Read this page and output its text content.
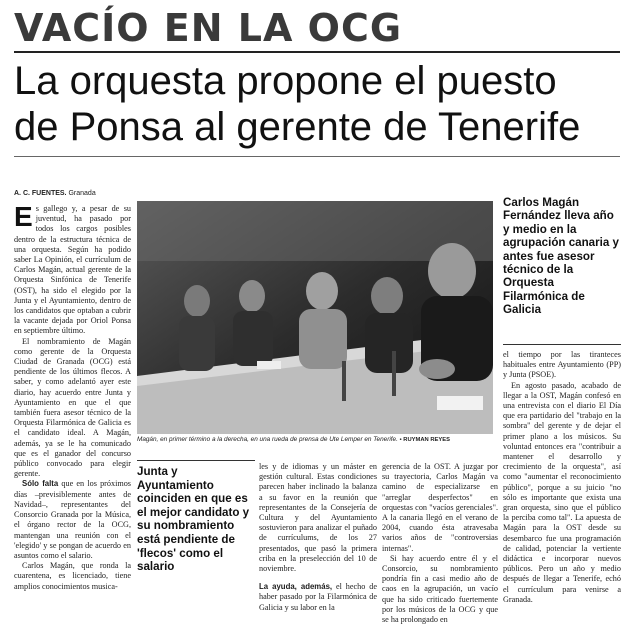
VACÍO EN LA OCG
La orquesta propone el puesto
de Ponsa al gerente de Tenerife
A. C. FUENTES. Granada

Es gallego y, a pesar de su juventud, ha pasado por todos los cargos posibles dentro de la estructura técnica de una orquesta. Según ha podido saber La Opinión, el currículum de Carlos Magán, actual gerente de la Orquesta Sinfónica de Tenerife (OST), ha sido el elegido por la Junta y el Ayuntamiento, dentro de los candidatos que optaban a cubrir la vacante dejada por Oriol Ponsa en septiembre último.

El nombramiento de Magán como gerente de la Orquesta Ciudad de Granada (OCG) está pendiente de los últimos flecos. A saber, y como adelantó ayer este diario, hay acuerdo entre Junta y Ayuntamiento en que el que también fuera asesor técnico de la Orquesta Filarmónica de Galicia es el candidato ideal. A Magán, además, ya se le ha comunicado que es el ganador del concurso público convocado para elegir gerente.

Sólo falta que en los próximos días –previsiblemente antes de Navidad–, representantes del Consorcio Granada por la Música, el órgano rector de la OCG, mantengan una reunión con el 'elegido' y se pongan de acuerdo en asuntos como el salario.

Carlos Magán, que ronda la cuarentena, es licenciado, tiene amplios conocimientos musica-

Magán, en primer término a la derecha, en una rueda de prensa de Ute Lemper en Tenerife. • RUYMAN REYES
Carlos Magán Fernández lleva año y medio en la agrupación canaria y antes fue asesor técnico de la Orquesta Filarmónica de Galicia

el tiempo por las tiranteces habituales entre Ayuntamiento (PP) y Junta (PSOE).

En agosto pasado, acabado de llegar a la OST, Magán confesó en una entrevista con el diario El Día que era partidario del "trabajo en la sombra" del gerente y de dejar el primer plano a los músicos. Su voluntad entonces era "contribuir a mantener el desarrollo y crecimiento de la orquesta", así como "aumentar el reconocimiento público", porque a su juicio "no sólo es importante que exista una gran orquesta, sino que el público la perciba como tal". La apuesta de Magán para la OST desde su desembarco fue una programación de calidad, potenciar la vertiente didáctica e incorporar nuevos públicos. Pero un año y medio después de llegar a Tenerife, echó el currículum para venirse a Granada.

Junta y Ayuntamiento coinciden en que es el mejor candidato y su nombramiento está pendiente de 'flecos' como el salario

les y de idiomas y un máster en gestión cultural. Estas condiciones parecen haber inclinado la balanza a su favor en la reunión que representantes de la Consejería de Cultura y del Ayuntamiento sostuvieron para analizar el puñado de currículums, de los 27 presentados, que pasó la primera criba en la preselección del 10 de noviembre.

La ayuda, además, el hecho de haber pasado por la Filarmónica de Galicia y su labor en la

gerencia de la OST. A juzgar por su trayectoria, Carlos Magán va camino de especializarse en "arreglar desperfectos" en orquestas con "vacíos gerenciales". A la canaria llegó en el verano de 2004, cuando ésta atravesaba varios años de "controversias internas".

Si hay acuerdo entre él y el Consorcio, su nombramiento pondría fin a casi medio año de caos en la agrupación, un vacío que ha sido criticado fuertemente por los músicos de la OCG y que se ha prolongado en
